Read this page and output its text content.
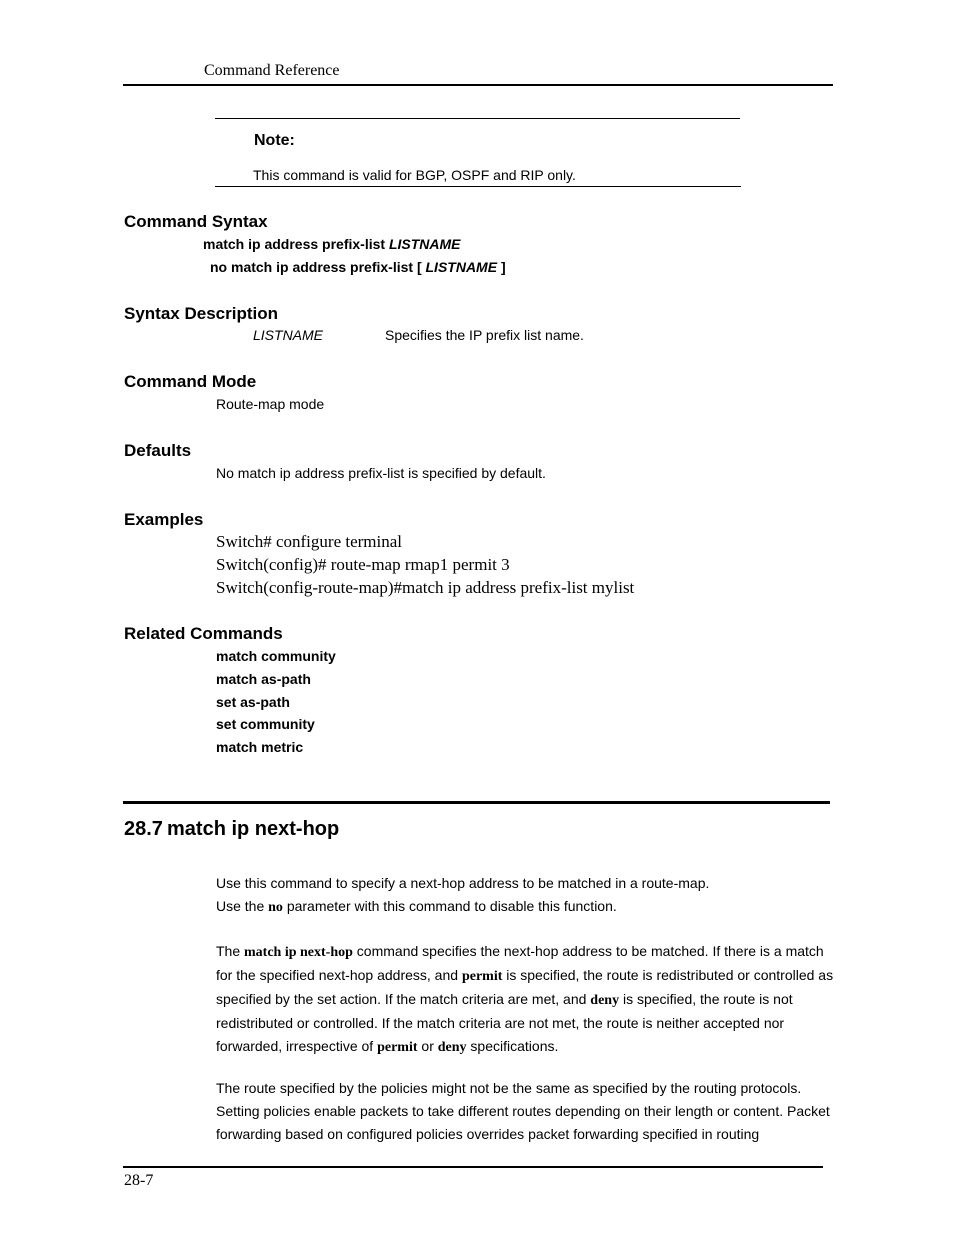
Command Reference
Note:
This command is valid for BGP, OSPF and RIP only.
Command Syntax
match ip address prefix-list LISTNAME
no match ip address prefix-list [ LISTNAME ]
Syntax Description
LISTNAME	Specifies the IP prefix list name.
Command Mode
Route-map mode
Defaults
No match ip address prefix-list is specified by default.
Examples
Switch# configure terminal
Switch(config)# route-map rmap1 permit 3
Switch(config-route-map)#match ip address prefix-list mylist
Related Commands
match community
match as-path
set as-path
set community
match metric
28.7 match ip next-hop
Use this command to specify a next-hop address to be matched in a route-map.
Use the no parameter with this command to disable this function.
The match ip next-hop command specifies the next-hop address to be matched. If there is a match for the specified next-hop address, and permit is specified, the route is redistributed or controlled as specified by the set action. If the match criteria are met, and deny is specified, the route is not redistributed or controlled. If the match criteria are not met, the route is neither accepted nor forwarded, irrespective of permit or deny specifications.
The route specified by the policies might not be the same as specified by the routing protocols. Setting policies enable packets to take different routes depending on their length or content. Packet forwarding based on configured policies overrides packet forwarding specified in routing
28-7
